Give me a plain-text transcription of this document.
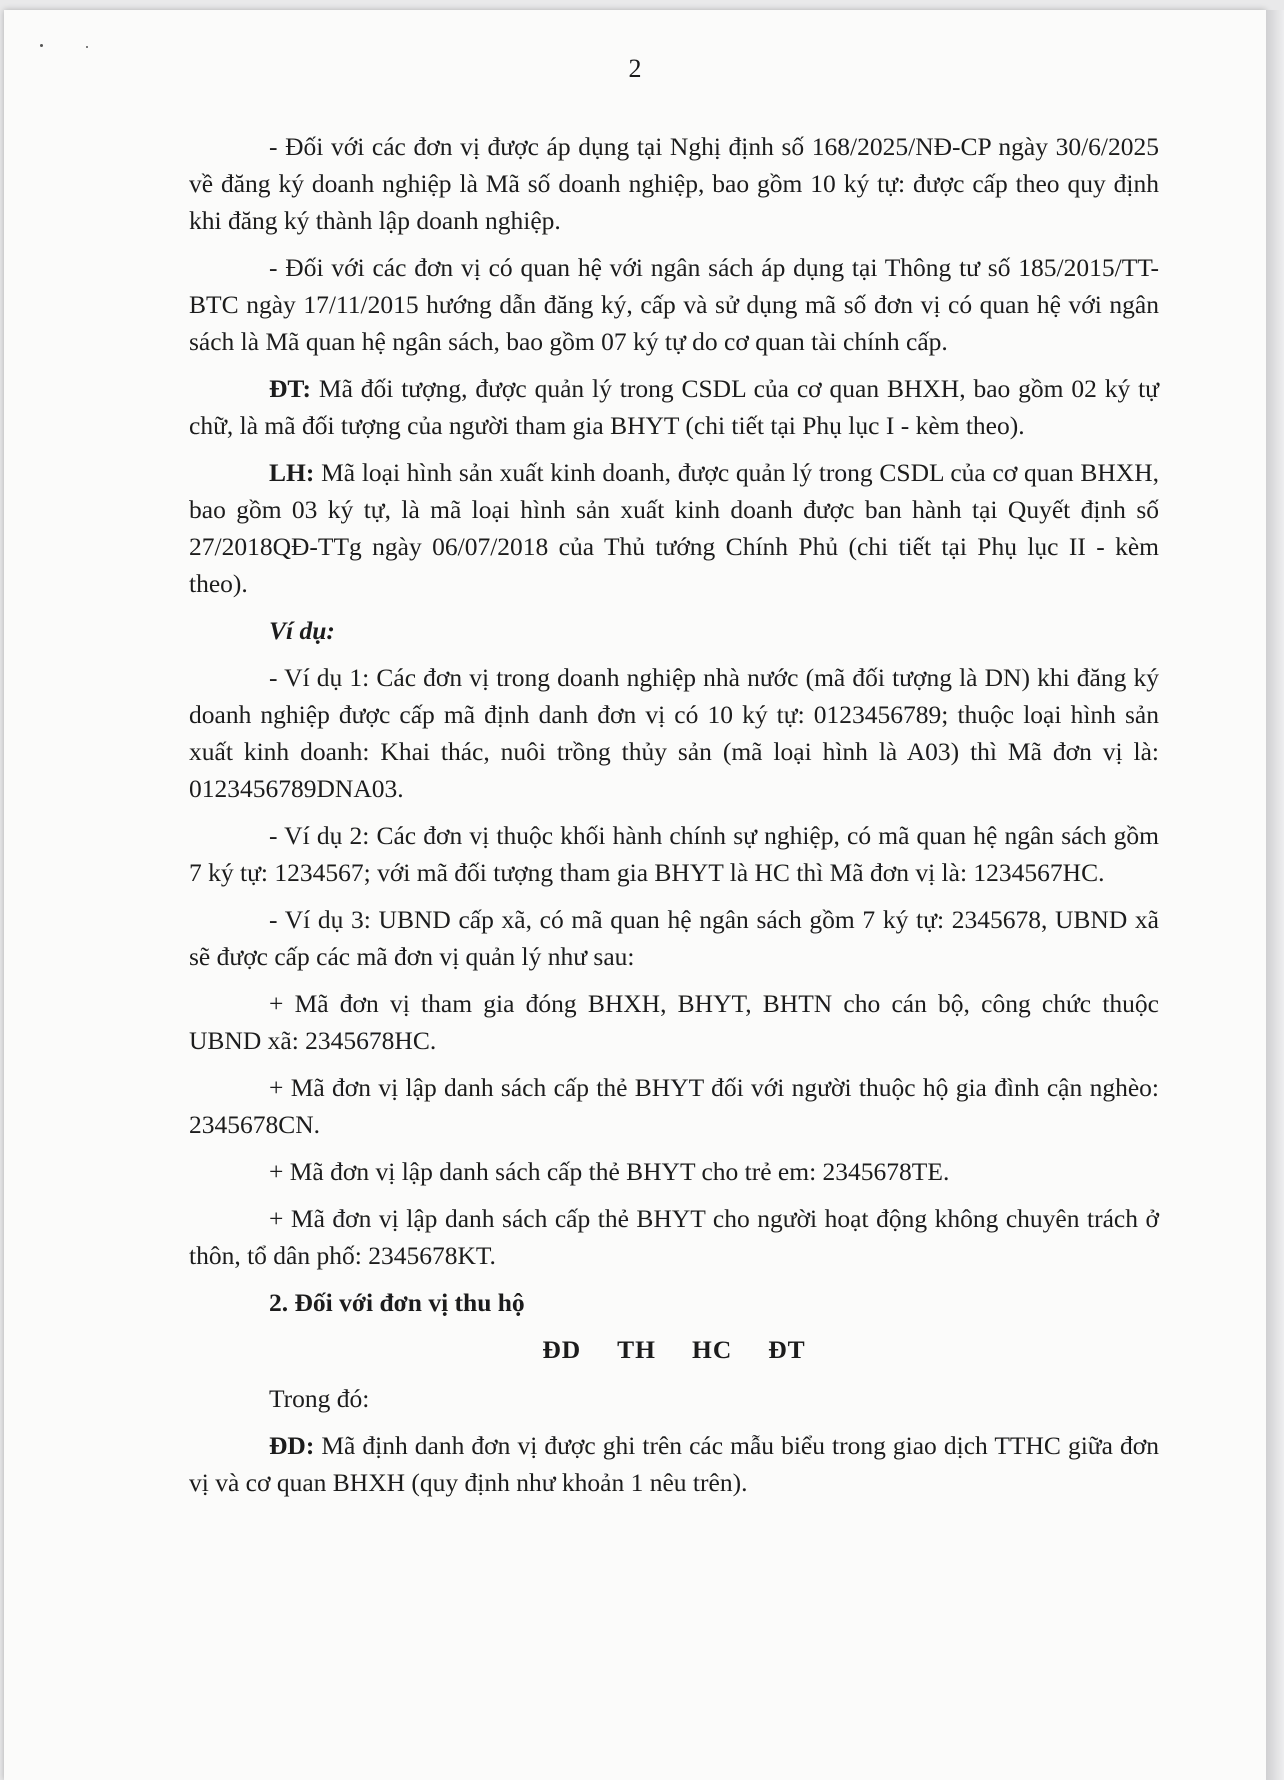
2

- Đối với các đơn vị được áp dụng tại Nghị định số 168/2025/NĐ-CP ngày 30/6/2025 về đăng ký doanh nghiệp là Mã số doanh nghiệp, bao gồm 10 ký tự: được cấp theo quy định khi đăng ký thành lập doanh nghiệp.

- Đối với các đơn vị có quan hệ với ngân sách áp dụng tại Thông tư số 185/2015/TT-BTC ngày 17/11/2015 hướng dẫn đăng ký, cấp và sử dụng mã số đơn vị có quan hệ với ngân sách là Mã quan hệ ngân sách, bao gồm 07 ký tự do cơ quan tài chính cấp.

ĐT: Mã đối tượng, được quản lý trong CSDL của cơ quan BHXH, bao gồm 02 ký tự chữ, là mã đối tượng của người tham gia BHYT (chi tiết tại Phụ lục I - kèm theo).

LH: Mã loại hình sản xuất kinh doanh, được quản lý trong CSDL của cơ quan BHXH, bao gồm 03 ký tự, là mã loại hình sản xuất kinh doanh được ban hành tại Quyết định số 27/2018QĐ-TTg ngày 06/07/2018 của Thủ tướng Chính Phủ (chi tiết tại Phụ lục II - kèm theo).

Ví dụ:

- Ví dụ 1: Các đơn vị trong doanh nghiệp nhà nước (mã đối tượng là DN) khi đăng ký doanh nghiệp được cấp mã định danh đơn vị có 10 ký tự: 0123456789; thuộc loại hình sản xuất kinh doanh: Khai thác, nuôi trồng thủy sản (mã loại hình là A03) thì Mã đơn vị là: 0123456789DNA03.

- Ví dụ 2: Các đơn vị thuộc khối hành chính sự nghiệp, có mã quan hệ ngân sách gồm 7 ký tự: 1234567; với mã đối tượng tham gia BHYT là HC thì Mã đơn vị là: 1234567HC.

- Ví dụ 3: UBND cấp xã, có mã quan hệ ngân sách gồm 7 ký tự: 2345678, UBND xã sẽ được cấp các mã đơn vị quản lý như sau:

+ Mã đơn vị tham gia đóng BHXH, BHYT, BHTN cho cán bộ, công chức thuộc UBND xã: 2345678HC.

+ Mã đơn vị lập danh sách cấp thẻ BHYT đối với người thuộc hộ gia đình cận nghèo: 2345678CN.

+ Mã đơn vị lập danh sách cấp thẻ BHYT cho trẻ em: 2345678TE.

+ Mã đơn vị lập danh sách cấp thẻ BHYT cho người hoạt động không chuyên trách ở thôn, tổ dân phố: 2345678KT.

2. Đối với đơn vị thu hộ

ĐD TH HC ĐT

Trong đó:

ĐD: Mã định danh đơn vị được ghi trên các mẫu biểu trong giao dịch TTHC giữa đơn vị và cơ quan BHXH (quy định như khoản 1 nêu trên).
